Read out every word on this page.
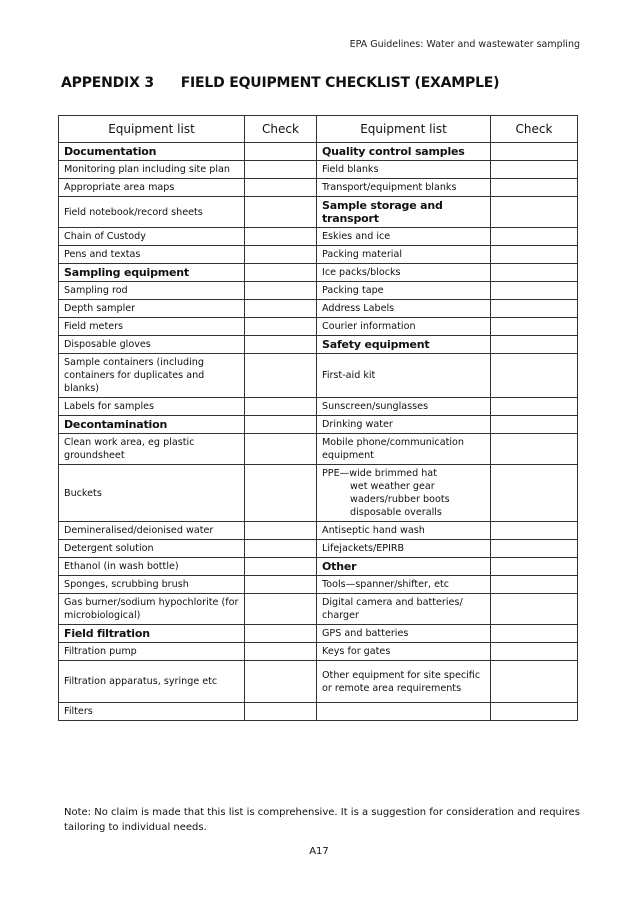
EPA Guidelines: Water and wastewater sampling
APPENDIX 3 FIELD EQUIPMENT CHECKLIST (EXAMPLE)
Equipment list	Check	Equipment list	Check
Documentation		Quality control samples	
Monitoring plan including site plan		Field blanks	
Appropriate area maps		Transport/equipment blanks	
Field notebook/record sheets		Sample storage and transport	
Chain of Custody		Eskies and ice	
Pens and textas		Packing material	
Sampling equipment		Ice packs/blocks	
Sampling rod		Packing tape	
Depth sampler		Address Labels	
Field meters		Courier information	
Disposable gloves		Safety equipment	
Sample containers (including containers for duplicates and blanks)		First-aid kit	
Labels for samples		Sunscreen/sunglasses	
Decontamination		Drinking water	
Clean work area, eg plastic groundsheet		Mobile phone/communication equipment	
Buckets		PPE—wide brimmed hat
wet weather gear
waders/rubber boots
disposable overalls	

Demineralised/deionised water		Antiseptic hand wash	
Detergent solution		Lifejackets/EPIRB	
Ethanol (in wash bottle)		Other	
Sponges, scrubbing brush		Tools—spanner/shifter, etc	
Gas burner/sodium hypochlorite (for microbiological)		Digital camera and batteries/ charger	
Field filtration		GPS and batteries	
Filtration pump		Keys for gates	
Filtration apparatus, syringe etc		Other equipment for site specific or remote area requirements	
Filters			
Note: No claim is made that this list is comprehensive. It is a suggestion for consideration and requires tailoring to individual needs.
A17
